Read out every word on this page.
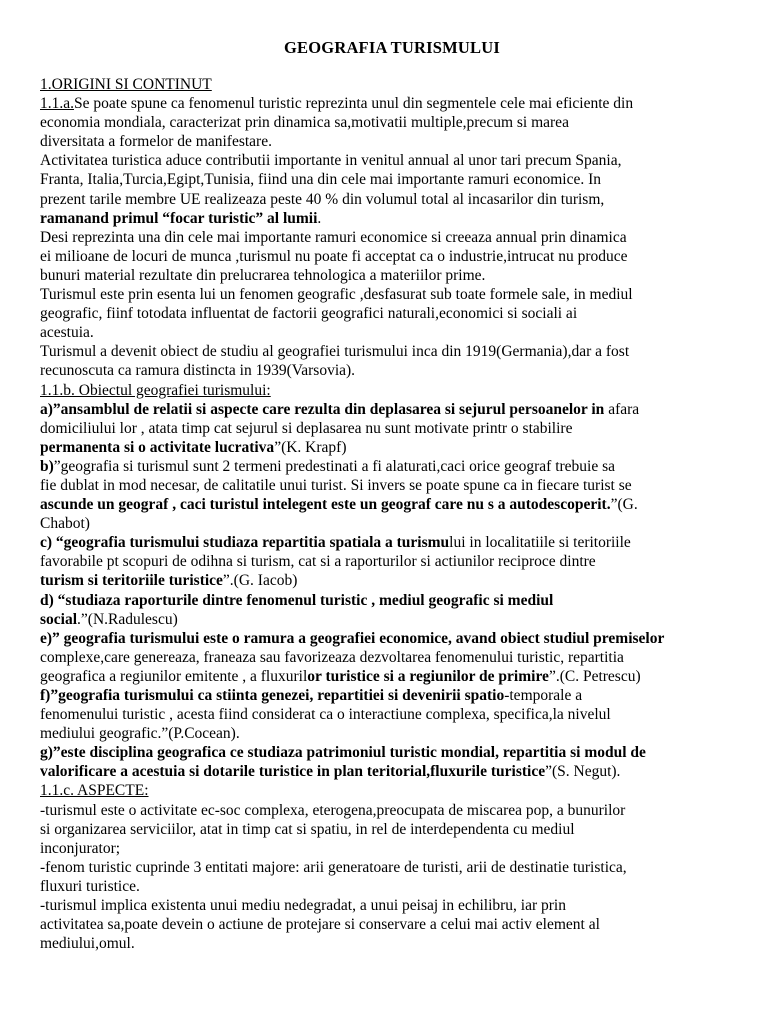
GEOGRAFIA TURISMULUI
1.ORIGINI SI CONTINUT
1.1.a.Se poate spune ca fenomenul turistic reprezinta unul din segmentele cele mai eficiente din
economia mondiala, caracterizat prin dinamica sa,motivatii multiple,precum si marea
diversitata a formelor de manifestare.
Activitatea turistica aduce contributii importante in venitul annual al unor tari precum Spania,
Franta, Italia,Turcia,Egipt,Tunisia, fiind una din cele mai importante ramuri economice. In
prezent tarile membre UE realizeaza peste 40 % din volumul total al incasarilor din turism,
ramanand primul “focar turistic” al lumii.
Desi reprezinta una din cele mai importante ramuri economice si creeaza annual prin dinamica
ei milioane de locuri de munca ,turismul nu poate fi acceptat ca o industrie,intrucat nu produce
bunuri material rezultate din prelucrarea tehnologica a materiilor prime.
Turismul este prin esenta lui un fenomen geografic ,desfasurat sub toate formele sale, in mediul
geografic, fiinf totodata influentat de factorii geografici naturali,economici si sociali ai
acestuia.
Turismul a devenit obiect de studiu al geografiei turismului inca din 1919(Germania),dar a fost
recunoscuta ca ramura distincta in 1939(Varsovia).
1.1.b. Obiectul geografiei turismului:
a)”ansamblul de relatii si aspecte care rezulta din deplasarea si sejurul persoanelor in afara
domiciliului lor , atata timp cat sejurul si deplasarea nu sunt motivate printr o stabilire
permanenta si o activitate lucrativa”(K. Krapf)
b)”geografia si turismul sunt 2 termeni predestinati a fi alaturati,caci orice geograf trebuie sa
fie dublat in mod necesar, de calitatile unui turist. Si invers se poate spune ca in fiecare turist se
ascunde un geograf , caci turistul intelegent este un geograf care nu s a autodescoperit.”(G.
Chabot)
c) “geografia turismului studiaza repartitia spatiala a turismului in localitatiile si teritoriile
favorabile pt scopuri de odihna si turism, cat si a raporturilor si actiunilor reciproce dintre
turism si teritoriile turistice”.(G. Iacob)
d) “studiaza raporturile dintre fenomenul turistic , mediul geografic si mediul
social.”(N.Radulescu)
e)” geografia turismului este o ramura a geografiei economice, avand obiect studiul premiselor
complexe,care genereaza, franeaza sau favorizeaza dezvoltarea fenomenului turistic, repartitia
geografica a regiunilor emitente , a fluxurilor turistice si a regiunilor de primire”.(C. Petrescu)
f)”geografia turismului ca stiinta genezei, repartitiei si devenirii spatio-temporale a
fenomenului turistic , acesta fiind considerat ca o interactiune complexa, specifica,la nivelul
mediului geografic.”(P.Cocean).
g)”este disciplina geografica ce studiaza patrimoniul turistic mondial, repartitia si modul de
valorificare a acestuia si dotarile turistice in plan teritorial,fluxurile turistice”(S. Negut).
1.1.c. ASPECTE:
-turismul este o activitate ec-soc complexa, eterogena,preocupata de miscarea pop, a bunurilor
si organizarea serviciilor, atat in timp cat si spatiu, in rel de interdependenta cu mediul
inconjurator;
-fenom turistic cuprinde 3 entitati majore: arii generatoare de turisti, arii de destinatie turistica,
fluxuri turistice.
-turismul implica existenta unui mediu nedegradat, a unui peisaj in echilibru, iar prin
activitatea sa,poate devein o actiune de protejare si conservare a celui mai activ element al
mediului,omul.
